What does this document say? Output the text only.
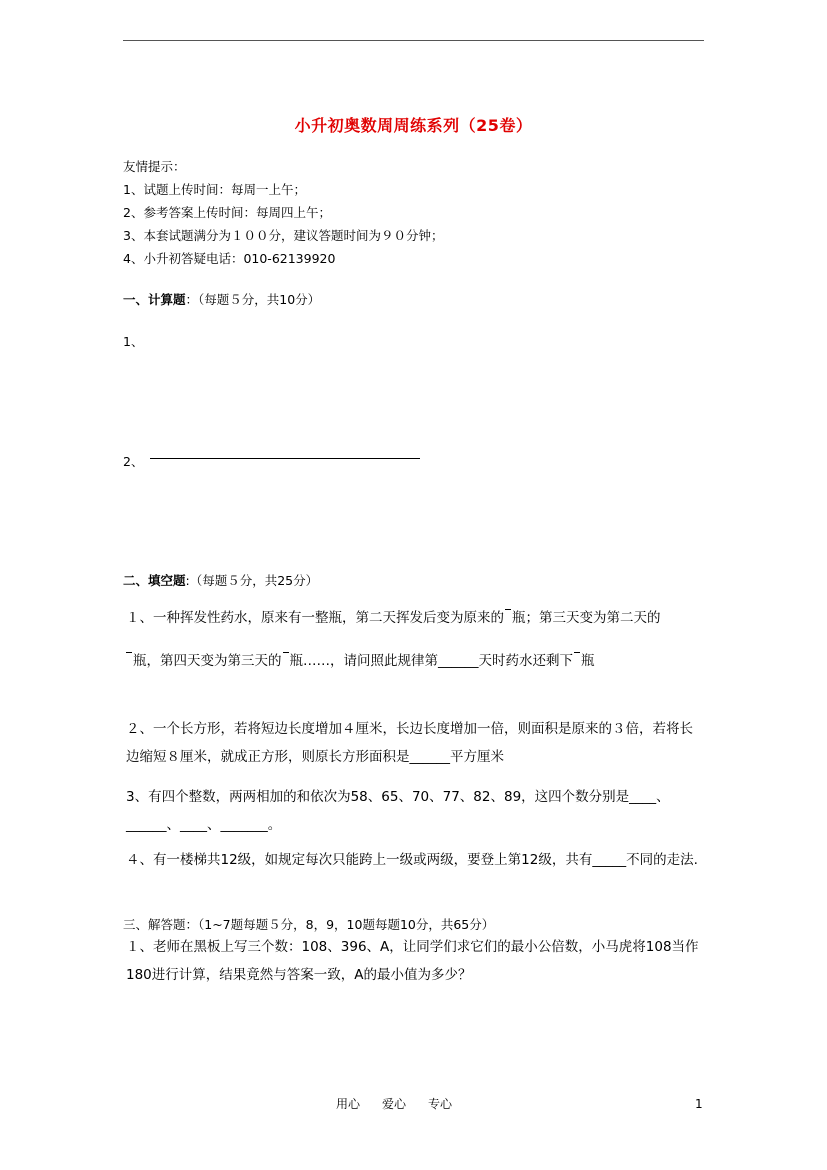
小升初奥数周周练系列（25卷）
友情提示：
1、试题上传时间：每周一上午；
2、参考答案上传时间：每周四上午；
3、本套试题满分为１００分，建议答题时间为９０分钟；
4、小升初答疑电话：010-62139920
一、计算题：（每题５分，共10分）
1、
2、
二、填空题:（每题５分，共25分）
１、一种挥发性药水，原来有一整瓶，第二天挥发后变为原来的 瓶；第三天变为第二天的

瓶，第四天变为第三天的 瓶……，请问照此规律第______天时药水还剩下 瓶
２、一个长方形，若将短边长度增加４厘米，长边长度增加一倍，则面积是原来的３倍，若将长边缩短８厘米，就成正方形，则原长方形面积是______平方厘米
3、有四个整数，两两相加的和依次为58、65、70、77、82、89，这四个数分别是____、______、____、_______。
４、有一楼梯共12级，如规定每次只能跨上一级或两级，要登上第12级，共有_____不同的走法.
三、解答题：（1~7题每题５分，8，9，10题每题10分，共65分）
１、老师在黑板上写三个数：108、396、A，让同学们求它们的最小公倍数，小马虎将108当作180进行计算，结果竟然与答案一致，A的最小值为多少？
用心 爱心 专心	1
